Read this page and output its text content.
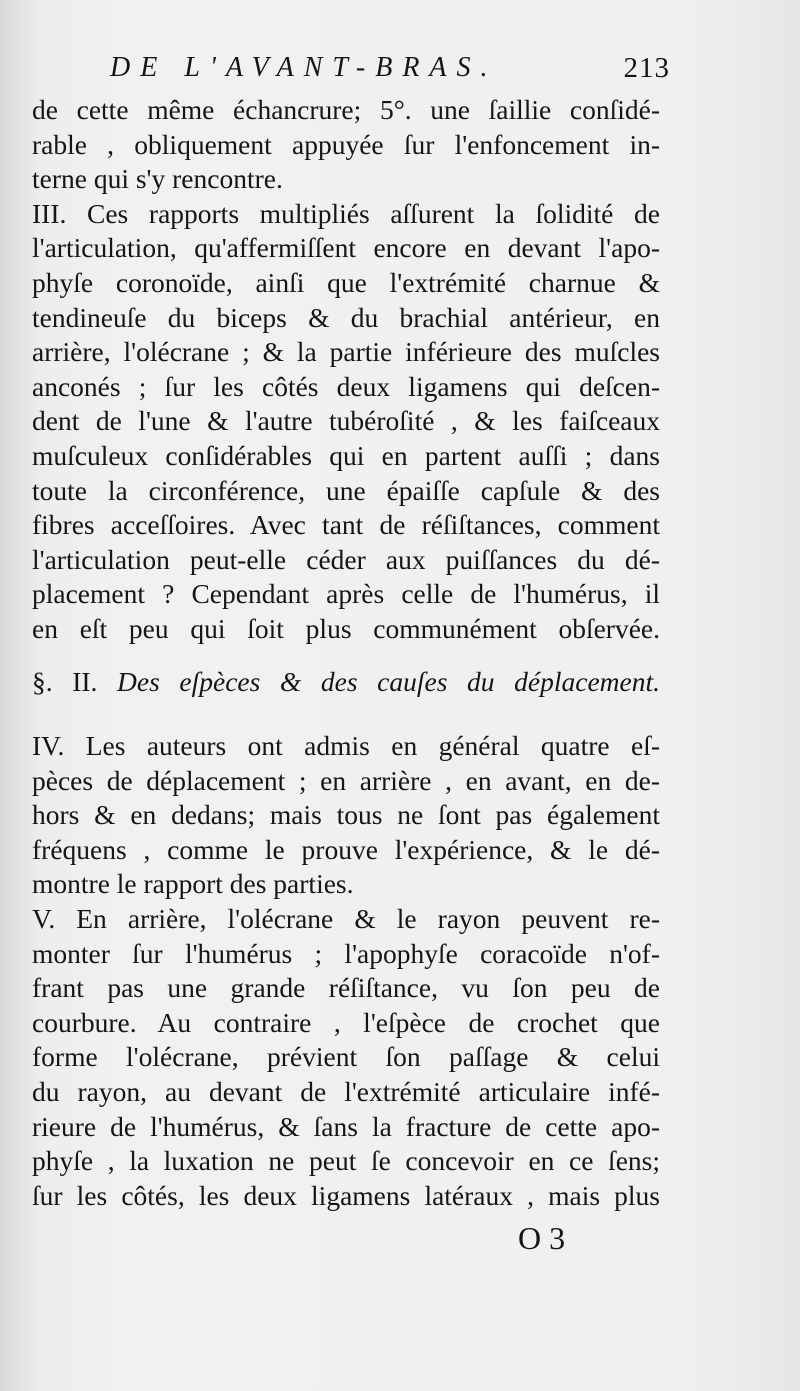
DE L'AVANT-BRAS.	213
de cette même échancrure; 5°. une ſaillie conſidé-
rable , obliquement appuyée ſur l'enfoncement in-
terne qui s'y rencontre.
III. Ces rapports multipliés aſſurent la ſolidité de
l'articulation, qu'affermiſſent encore en devant l'apo-
phyſe coronoïde, ainſi que l'extrémité charnue &
tendineuſe du biceps & du brachial antérieur, en
arrière, l'olécrane ; & la partie inférieure des muſcles
anconés ; ſur les côtés deux ligamens qui deſcen-
dent de l'une & l'autre tubéroſité , & les faiſceaux
muſculeux conſidérables qui en partent auſſi ; dans
toute la circonférence, une épaiſſe capſule & des
fibres acceſſoires. Avec tant de réſiſtances, comment
l'articulation peut-elle céder aux puiſſances du dé-
placement ? Cependant après celle de l'humérus, il
en eſt peu qui ſoit plus communément obſervée.
§. II. Des eſpèces & des cauſes du déplacement.
IV. Les auteurs ont admis en général quatre eſ-
pèces de déplacement ; en arrière , en avant, en de-
hors & en dedans; mais tous ne ſont pas également
fréquens , comme le prouve l'expérience, & le dé-
montre le rapport des parties.
V. En arrière, l'olécrane & le rayon peuvent re-
monter ſur l'humérus ; l'apophyſe coracoïde n'of-
frant pas une grande réſiſtance, vu ſon peu de
courbure. Au contraire , l'eſpèce de crochet que
forme l'olécrane, prévient ſon paſſage & celui
du rayon, au devant de l'extrémité articulaire infé-
rieure de l'humérus, & ſans la fracture de cette apo-
phyſe , la luxation ne peut ſe concevoir en ce ſens;
ſur les côtés, les deux ligamens latéraux , mais plus
O 3
